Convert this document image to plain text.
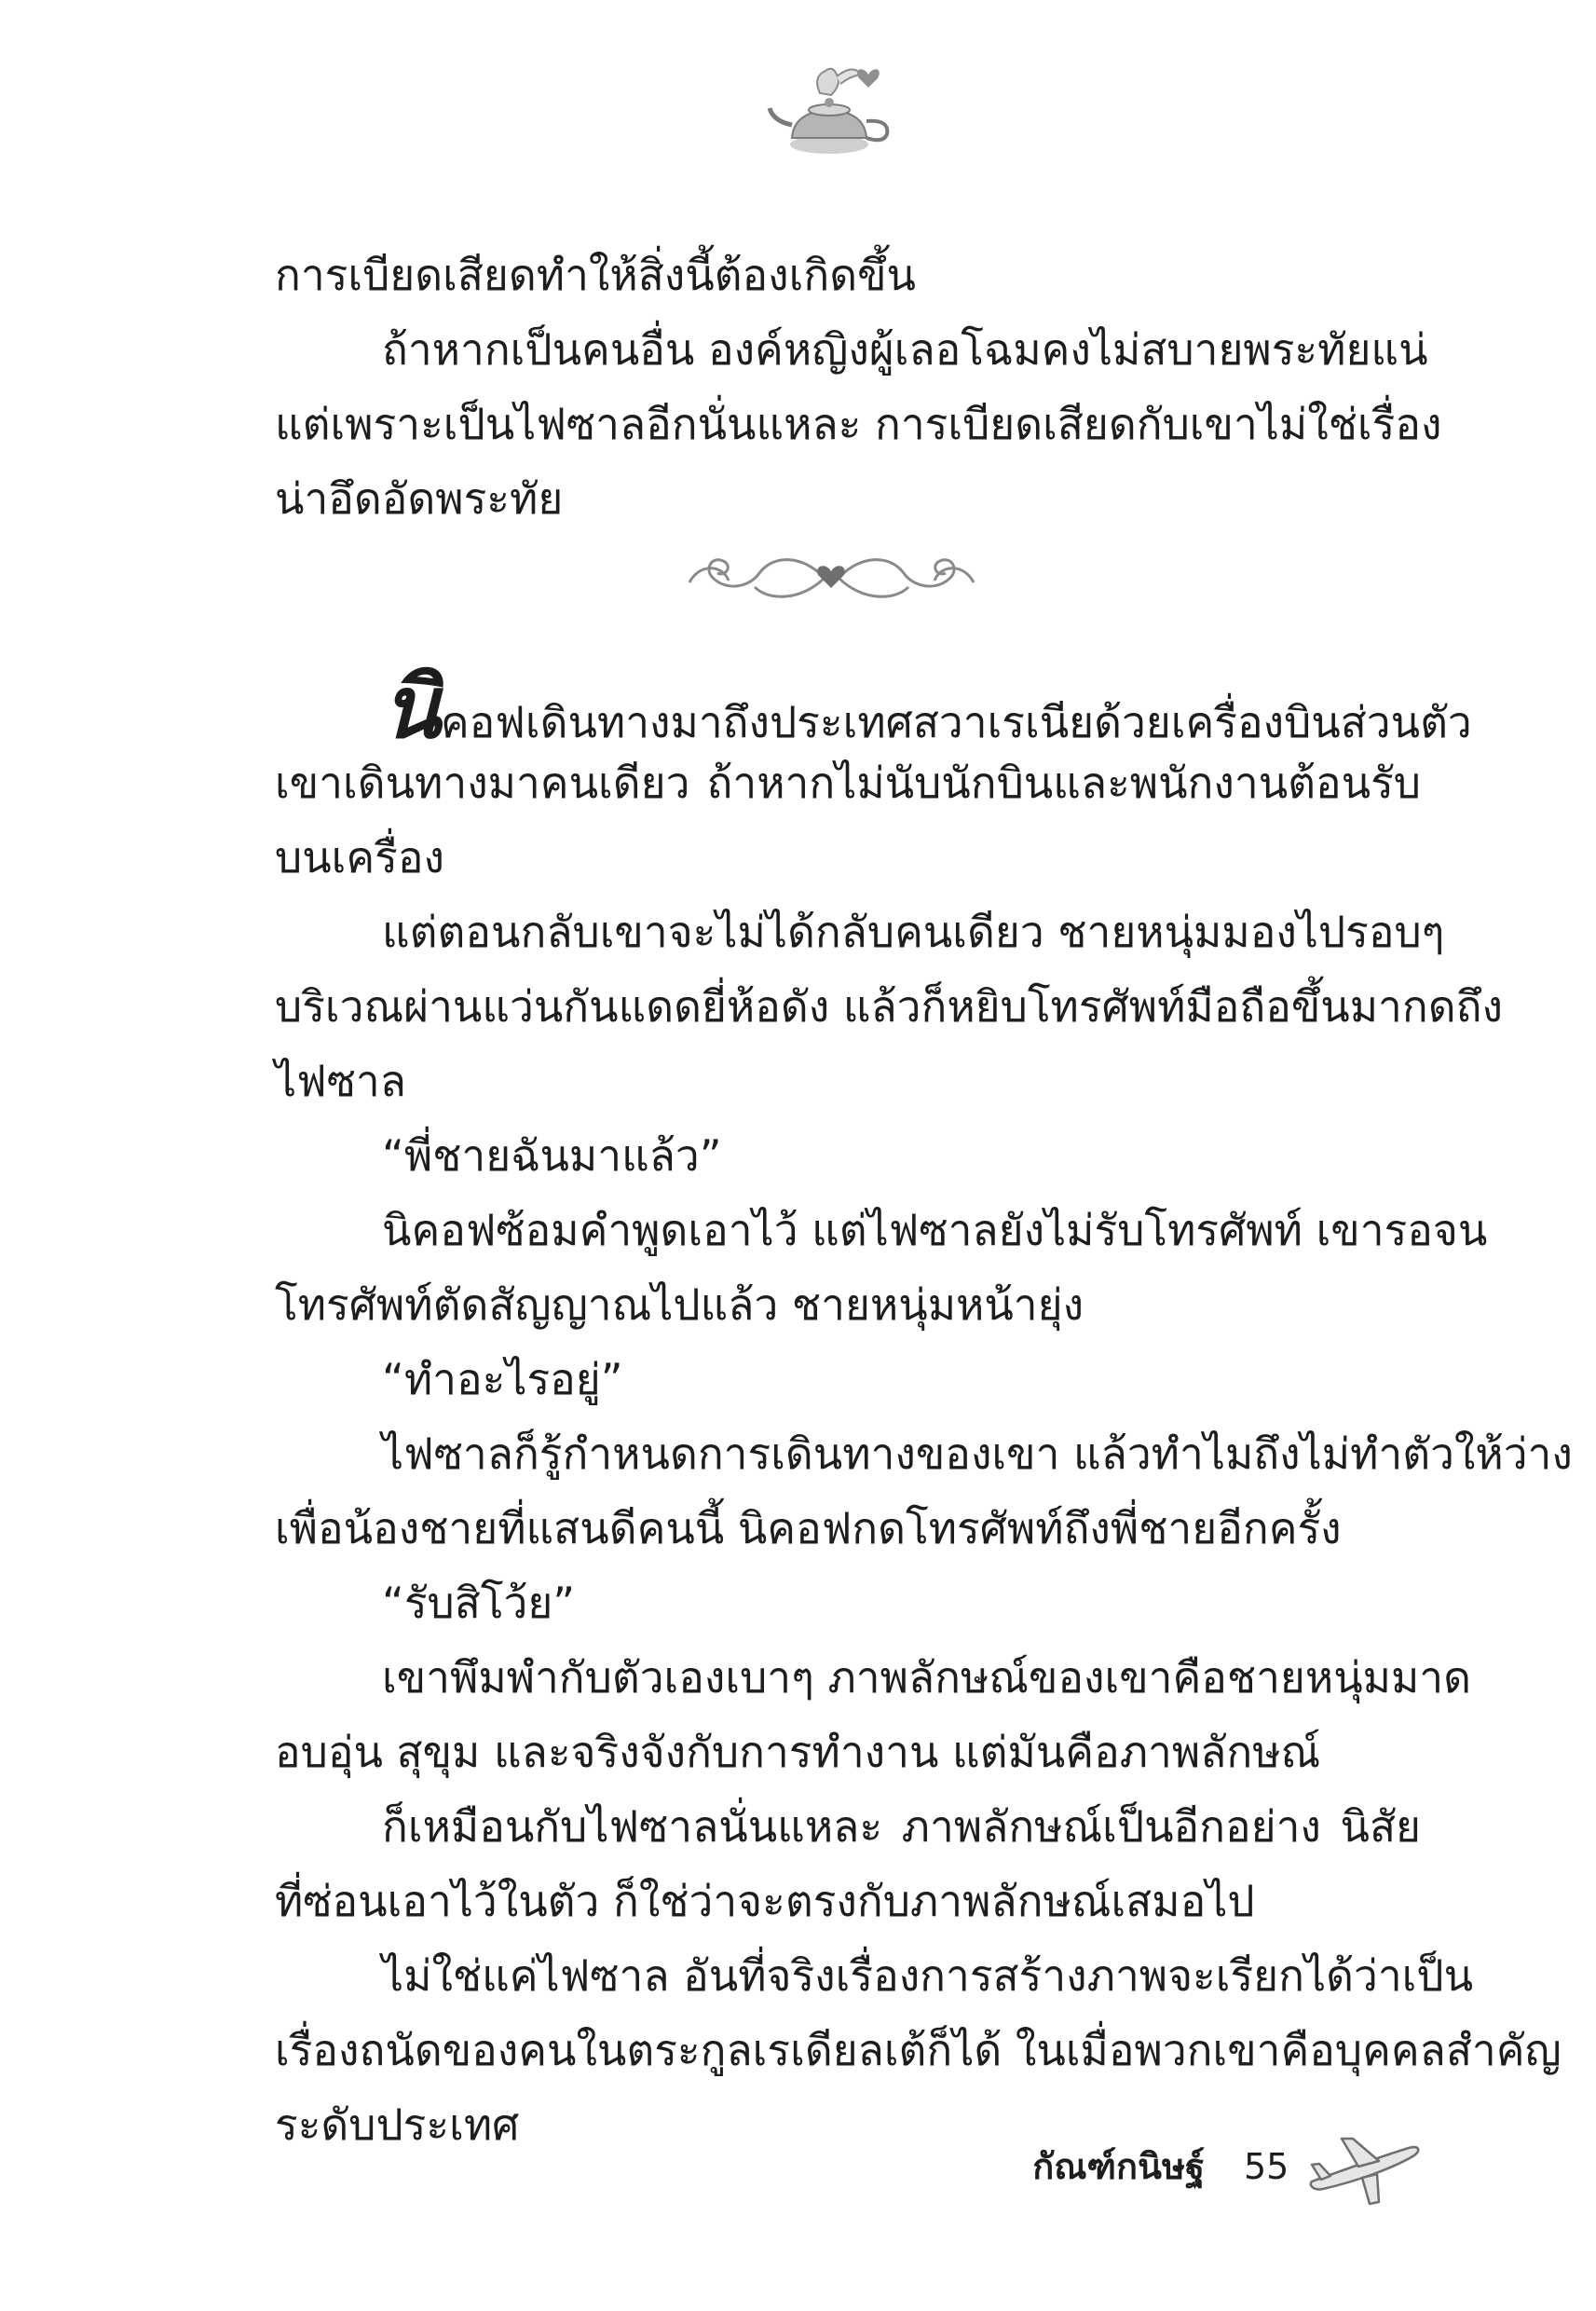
การเบียดเสียดทำให้สิ่งนี้ต้องเกิดขึ้น
ถ้าหากเป็นคนอื่น องค์หญิงผู้เลอโฉมคงไม่สบายพระทัยแน่
แต่เพราะเป็นไฟซาลอีกนั่นแหละ การเบียดเสียดกับเขาไม่ใช่เรื่อง
น่าอึดอัดพระทัย
นิคอฟเดินทางมาถึงประเทศสวาเรเนียด้วยเครื่องบินส่วนตัว
เขาเดินทางมาคนเดียว ถ้าหากไม่นับนักบินและพนักงานต้อนรับ
บนเครื่อง
แต่ตอนกลับเขาจะไม่ได้กลับคนเดียว ชายหนุ่มมองไปรอบๆ
บริเวณผ่านแว่นกันแดดยี่ห้อดัง แล้วก็หยิบโทรศัพท์มือถือขึ้นมากดถึง
ไฟซาล
“พี่ชายฉันมาแล้ว”
นิคอฟซ้อมคำพูดเอาไว้ แต่ไฟซาลยังไม่รับโทรศัพท์ เขารอจน
โทรศัพท์ตัดสัญญาณไปแล้ว ชายหนุ่มหน้ายุ่ง
“ทำอะไรอยู่”
ไฟซาลก็รู้กำหนดการเดินทางของเขา แล้วทำไมถึงไม่ทำตัวให้ว่าง
เพื่อน้องชายที่แสนดีคนนี้ นิคอฟกดโทรศัพท์ถึงพี่ชายอีกครั้ง
“รับสิโว้ย”
เขาพึมพำกับตัวเองเบาๆ ภาพลักษณ์ของเขาคือชายหนุ่มมาด
อบอุ่น สุขุม และจริงจังกับการทำงาน แต่มันคือภาพลักษณ์
ก็เหมือนกับไฟซาลนั่นแหละ ภาพลักษณ์เป็นอีกอย่าง นิสัย
ที่ซ่อนเอาไว้ในตัว ก็ใช่ว่าจะตรงกับภาพลักษณ์เสมอไป
ไม่ใช่แค่ไฟซาล อันที่จริงเรื่องการสร้างภาพจะเรียกได้ว่าเป็น
เรื่องถนัดของคนในตระกูลเรเดียลเต้ก็ได้ ในเมื่อพวกเขาคือบุคคลสำคัญ
ระดับประเทศ
กัณฑ์กนิษฐ์ 55
